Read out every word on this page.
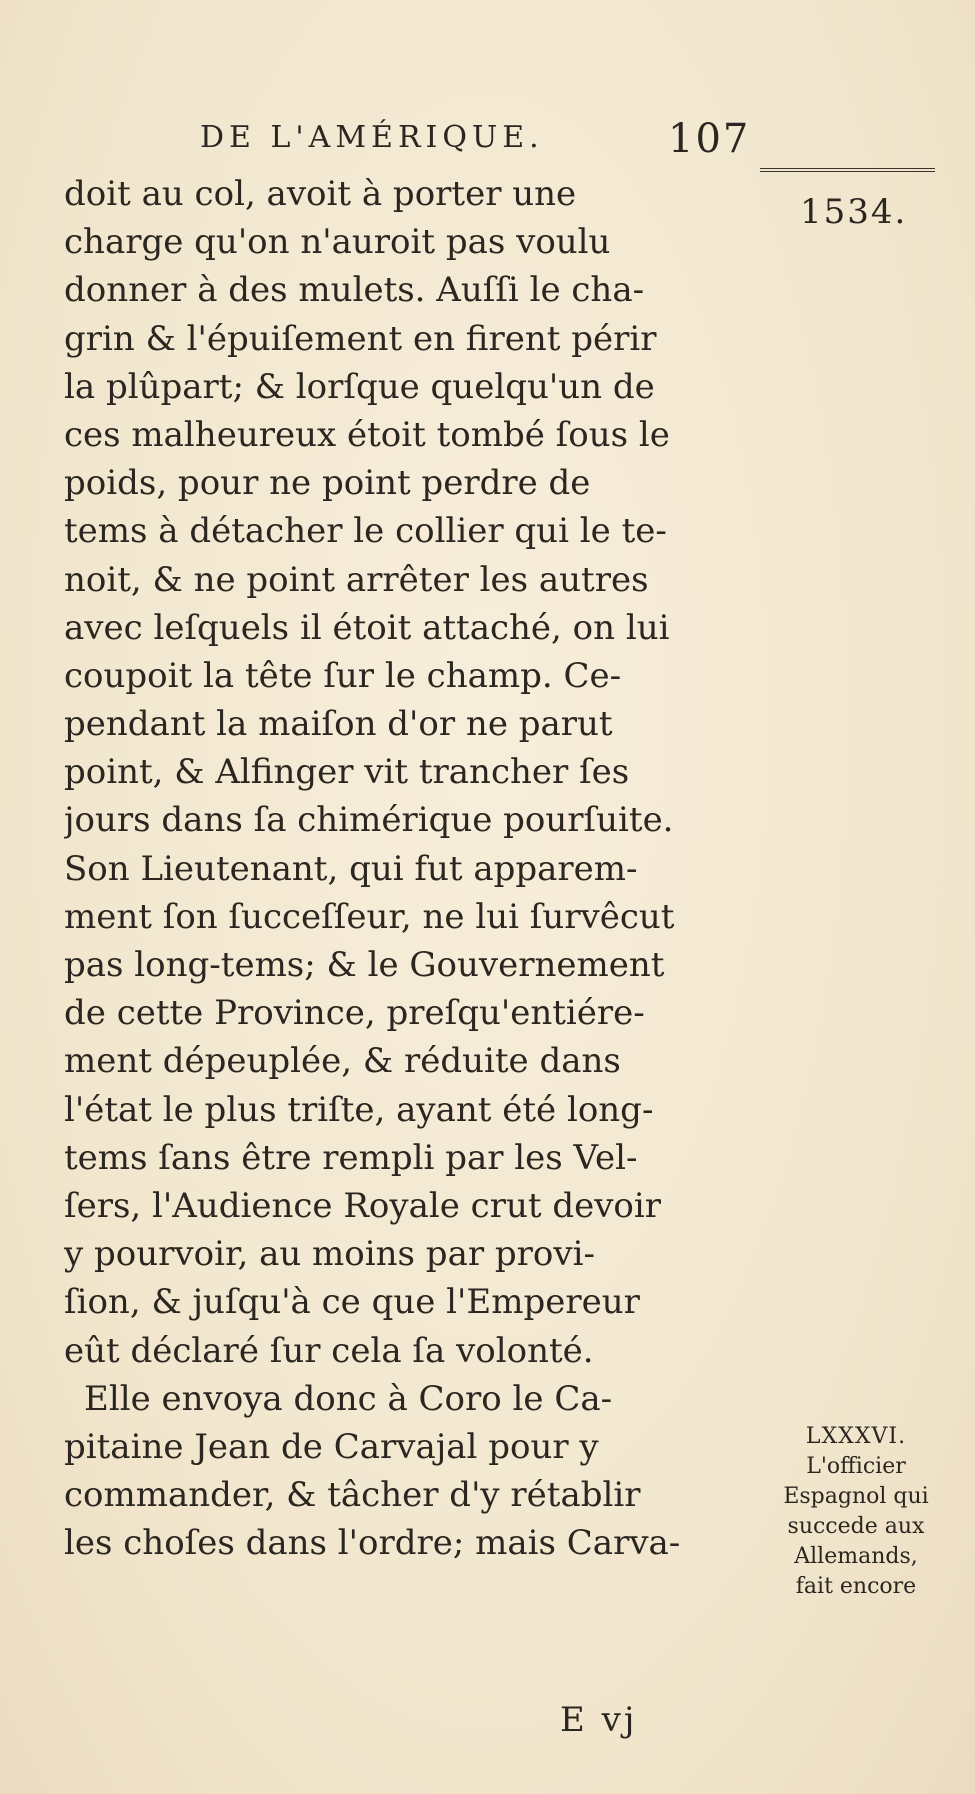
DE L'AMÉRIQUE.	107
1534.
doit au col, avoit à porter une
charge qu'on n'auroit pas voulu
donner à des mulets. Auſſi le cha-
grin & l'épuiſement en firent périr
la plûpart; & lorſque quelqu'un de
ces malheureux étoit tombé ſous le
poids, pour ne point perdre de
tems à détacher le collier qui le te-
noit, & ne point arrêter les autres
avec leſquels il étoit attaché, on lui
coupoit la tête ſur le champ. Ce-
pendant la maiſon d'or ne parut
point, & Alfinger vit trancher ſes
jours dans ſa chimérique pourſuite.
Son Lieutenant, qui fut apparem-
ment ſon ſucceſſeur, ne lui ſurvêcut
pas long-tems; & le Gouvernement
de cette Province, preſqu'entiére-
ment dépeuplée, & réduite dans
l'état le plus triſte, ayant été long-
tems ſans être rempli par les Vel-
ſers, l'Audience Royale crut devoir
y pourvoir, au moins par provi-
ſion, & juſqu'à ce que l'Empereur
eût déclaré ſur cela ſa volonté.
Elle envoya donc à Coro le Ca-
pitaine Jean de Carvajal pour y
commander, & tâcher d'y rétablir
les choſes dans l'ordre; mais Carva-
LXXXVI.
L'officier
Espagnol qui
succede aux
Allemands,
fait encore
E vj
